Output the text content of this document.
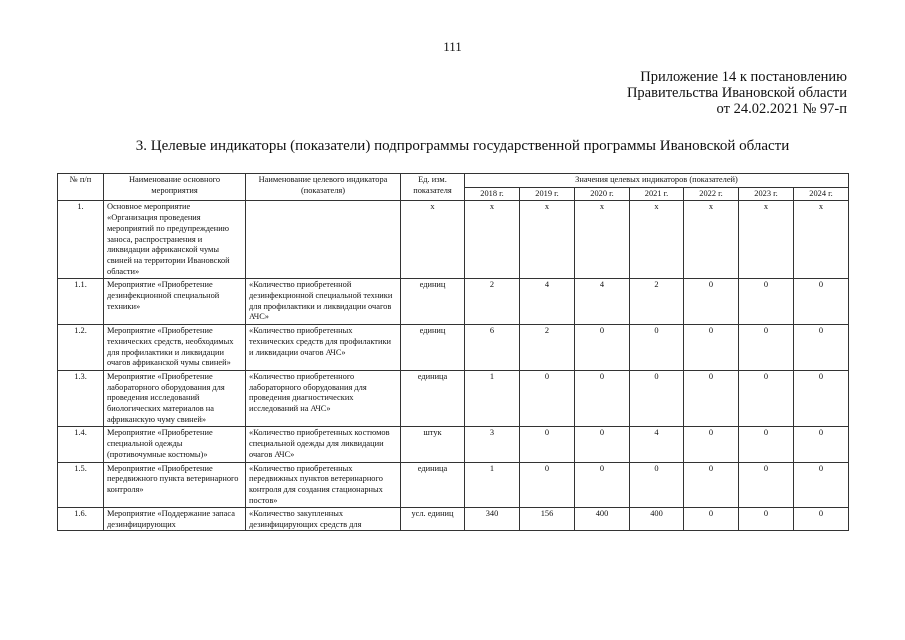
111
Приложение 14 к постановлению
Правительства Ивановской области
от 24.02.2021 № 97-п
3. Целевые индикаторы (показатели) подпрограммы государственной программы Ивановской области
№ п/п	Наименование основного мероприятия	Наименование целевого индикатора (показателя)	Ед. изм. показателя	Значения целевых индикаторов (показателей)						
				2018 г.	2019 г.	2020 г.	2021 г.	2022 г.	2023 г.	2024 г.
1.	Основное мероприятие «Организация проведения мероприятий по предупреждению заноса, распространения и ликвидации африканской чумы свиней на территории Ивановской области»		х	х	х	х	х	х	х	х
1.1.	Мероприятие «Приобретение дезинфекционной специальной техники»	«Количество приобретенной дезинфекционной специальной техники для профилактики и ликвидации очагов АЧС»	единиц	2	4	4	2	0	0	0
1.2.	Мероприятие «Приобретение технических средств, необходимых для профилактики и ликвидации очагов африканской чумы свиней»	«Количество приобретенных технических средств для профилактики и ликвидации очагов АЧС»	единиц	6	2	0	0	0	0	0
1.3.	Мероприятие «Приобретение лабораторного оборудования для проведения исследований биологических материалов на африканскую чуму свиней»	«Количество приобретенного лабораторного оборудования для проведения диагностических исследований на АЧС»	единица	1	0	0	0	0	0	0
1.4.	Мероприятие «Приобретение специальной одежды (противочумные костюмы)»	«Количество приобретенных костюмов специальной одежды для ликвидации очагов АЧС»	штук	3	0	0	4	0	0	0
1.5.	Мероприятие «Приобретение передвижного пункта ветеринарного контроля»	«Количество приобретенных передвижных пунктов ветеринарного контроля для создания стационарных постов»	единица	1	0	0	0	0	0	0
1.6.	Мероприятие «Поддержание запаса дезинфицирующих	«Количество закупленных дезинфицирующих средств для	усл. единиц	340	156	400	400	0	0	0
